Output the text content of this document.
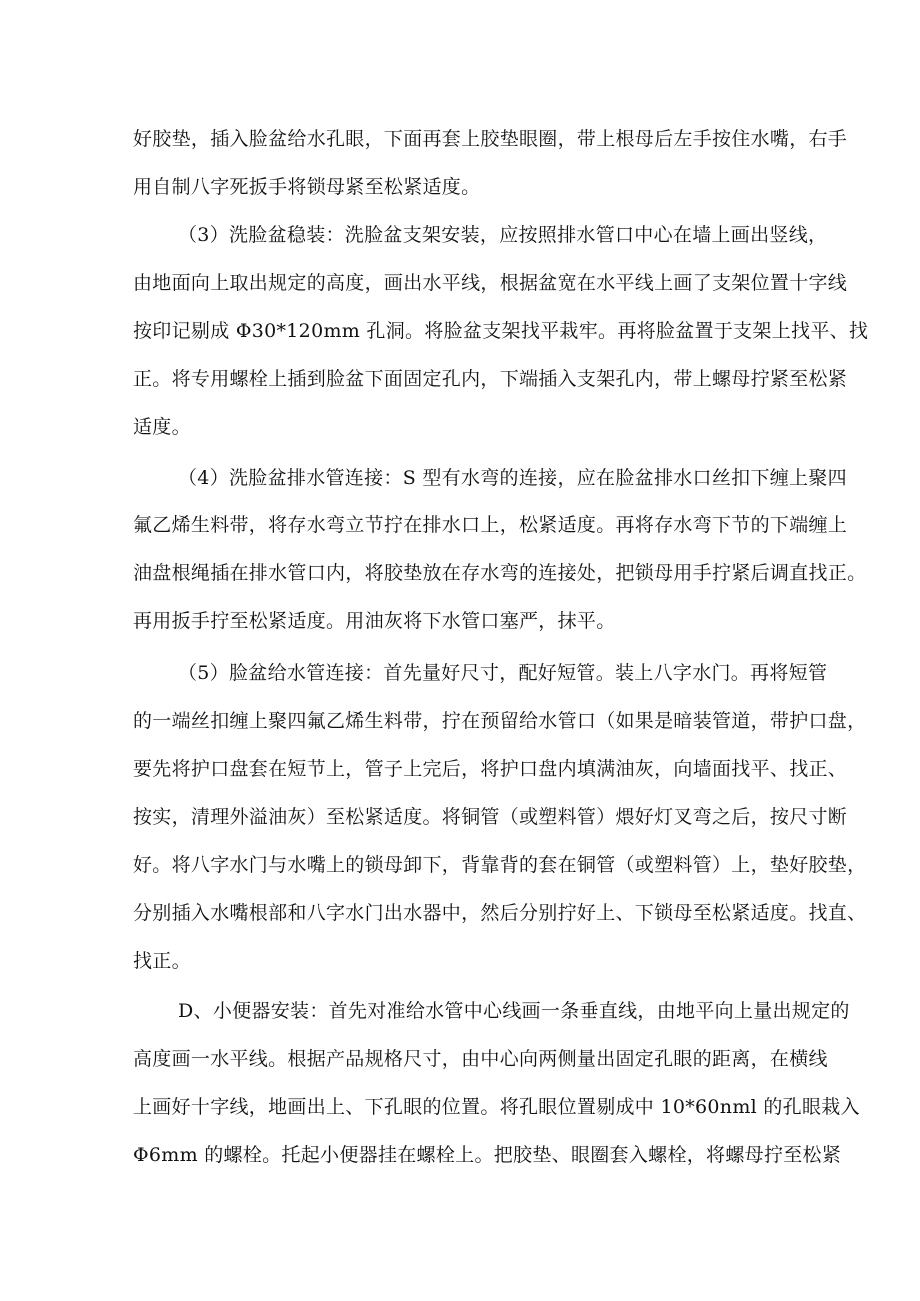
好胶垫，插入脸盆给水孔眼，下面再套上胶垫眼圈，带上根母后左手按住水嘴，右手
用自制八字死扳手将锁母紧至松紧适度。
（3）洗脸盆稳装：洗脸盆支架安装，应按照排水管口中心在墙上画出竖线，
由地面向上取出规定的高度，画出水平线，根据盆宽在水平线上画了支架位置十字线
按印记剔成 Φ30*120mm 孔洞。将脸盆支架找平栽牢。再将脸盆置于支架上找平、找
正。将专用螺栓上插到脸盆下面固定孔内，下端插入支架孔内，带上螺母拧紧至松紧
适度。
（4）洗脸盆排水管连接：S 型有水弯的连接，应在脸盆排水口丝扣下缠上聚四
氟乙烯生料带，将存水弯立节拧在排水口上，松紧适度。再将存水弯下节的下端缠上
油盘根绳插在排水管口内，将胶垫放在存水弯的连接处，把锁母用手拧紧后调直找正。
再用扳手拧至松紧适度。用油灰将下水管口塞严，抹平。
（5）脸盆给水管连接：首先量好尺寸，配好短管。装上八字水门。再将短管
的一端丝扣缠上聚四氟乙烯生料带，拧在预留给水管口（如果是暗装管道，带护口盘，
要先将护口盘套在短节上，管子上完后，将护口盘内填满油灰，向墙面找平、找正、
按实，清理外溢油灰）至松紧适度。将铜管（或塑料管）煨好灯叉弯之后，按尺寸断
好。将八字水门与水嘴上的锁母卸下，背靠背的套在铜管（或塑料管）上，垫好胶垫，
分别插入水嘴根部和八字水门出水器中，然后分别拧好上、下锁母至松紧适度。找直、
找正。
D、小便器安装：首先对准给水管中心线画一条垂直线，由地平向上量出规定的
高度画一水平线。根据产品规格尺寸，由中心向两侧量出固定孔眼的距离，在横线
上画好十字线，地画出上、下孔眼的位置。将孔眼位置剔成中 10*60nml 的孔眼栽入
Φ6mm 的螺栓。托起小便器挂在螺栓上。把胶垫、眼圈套入螺栓，将螺母拧至松紧
